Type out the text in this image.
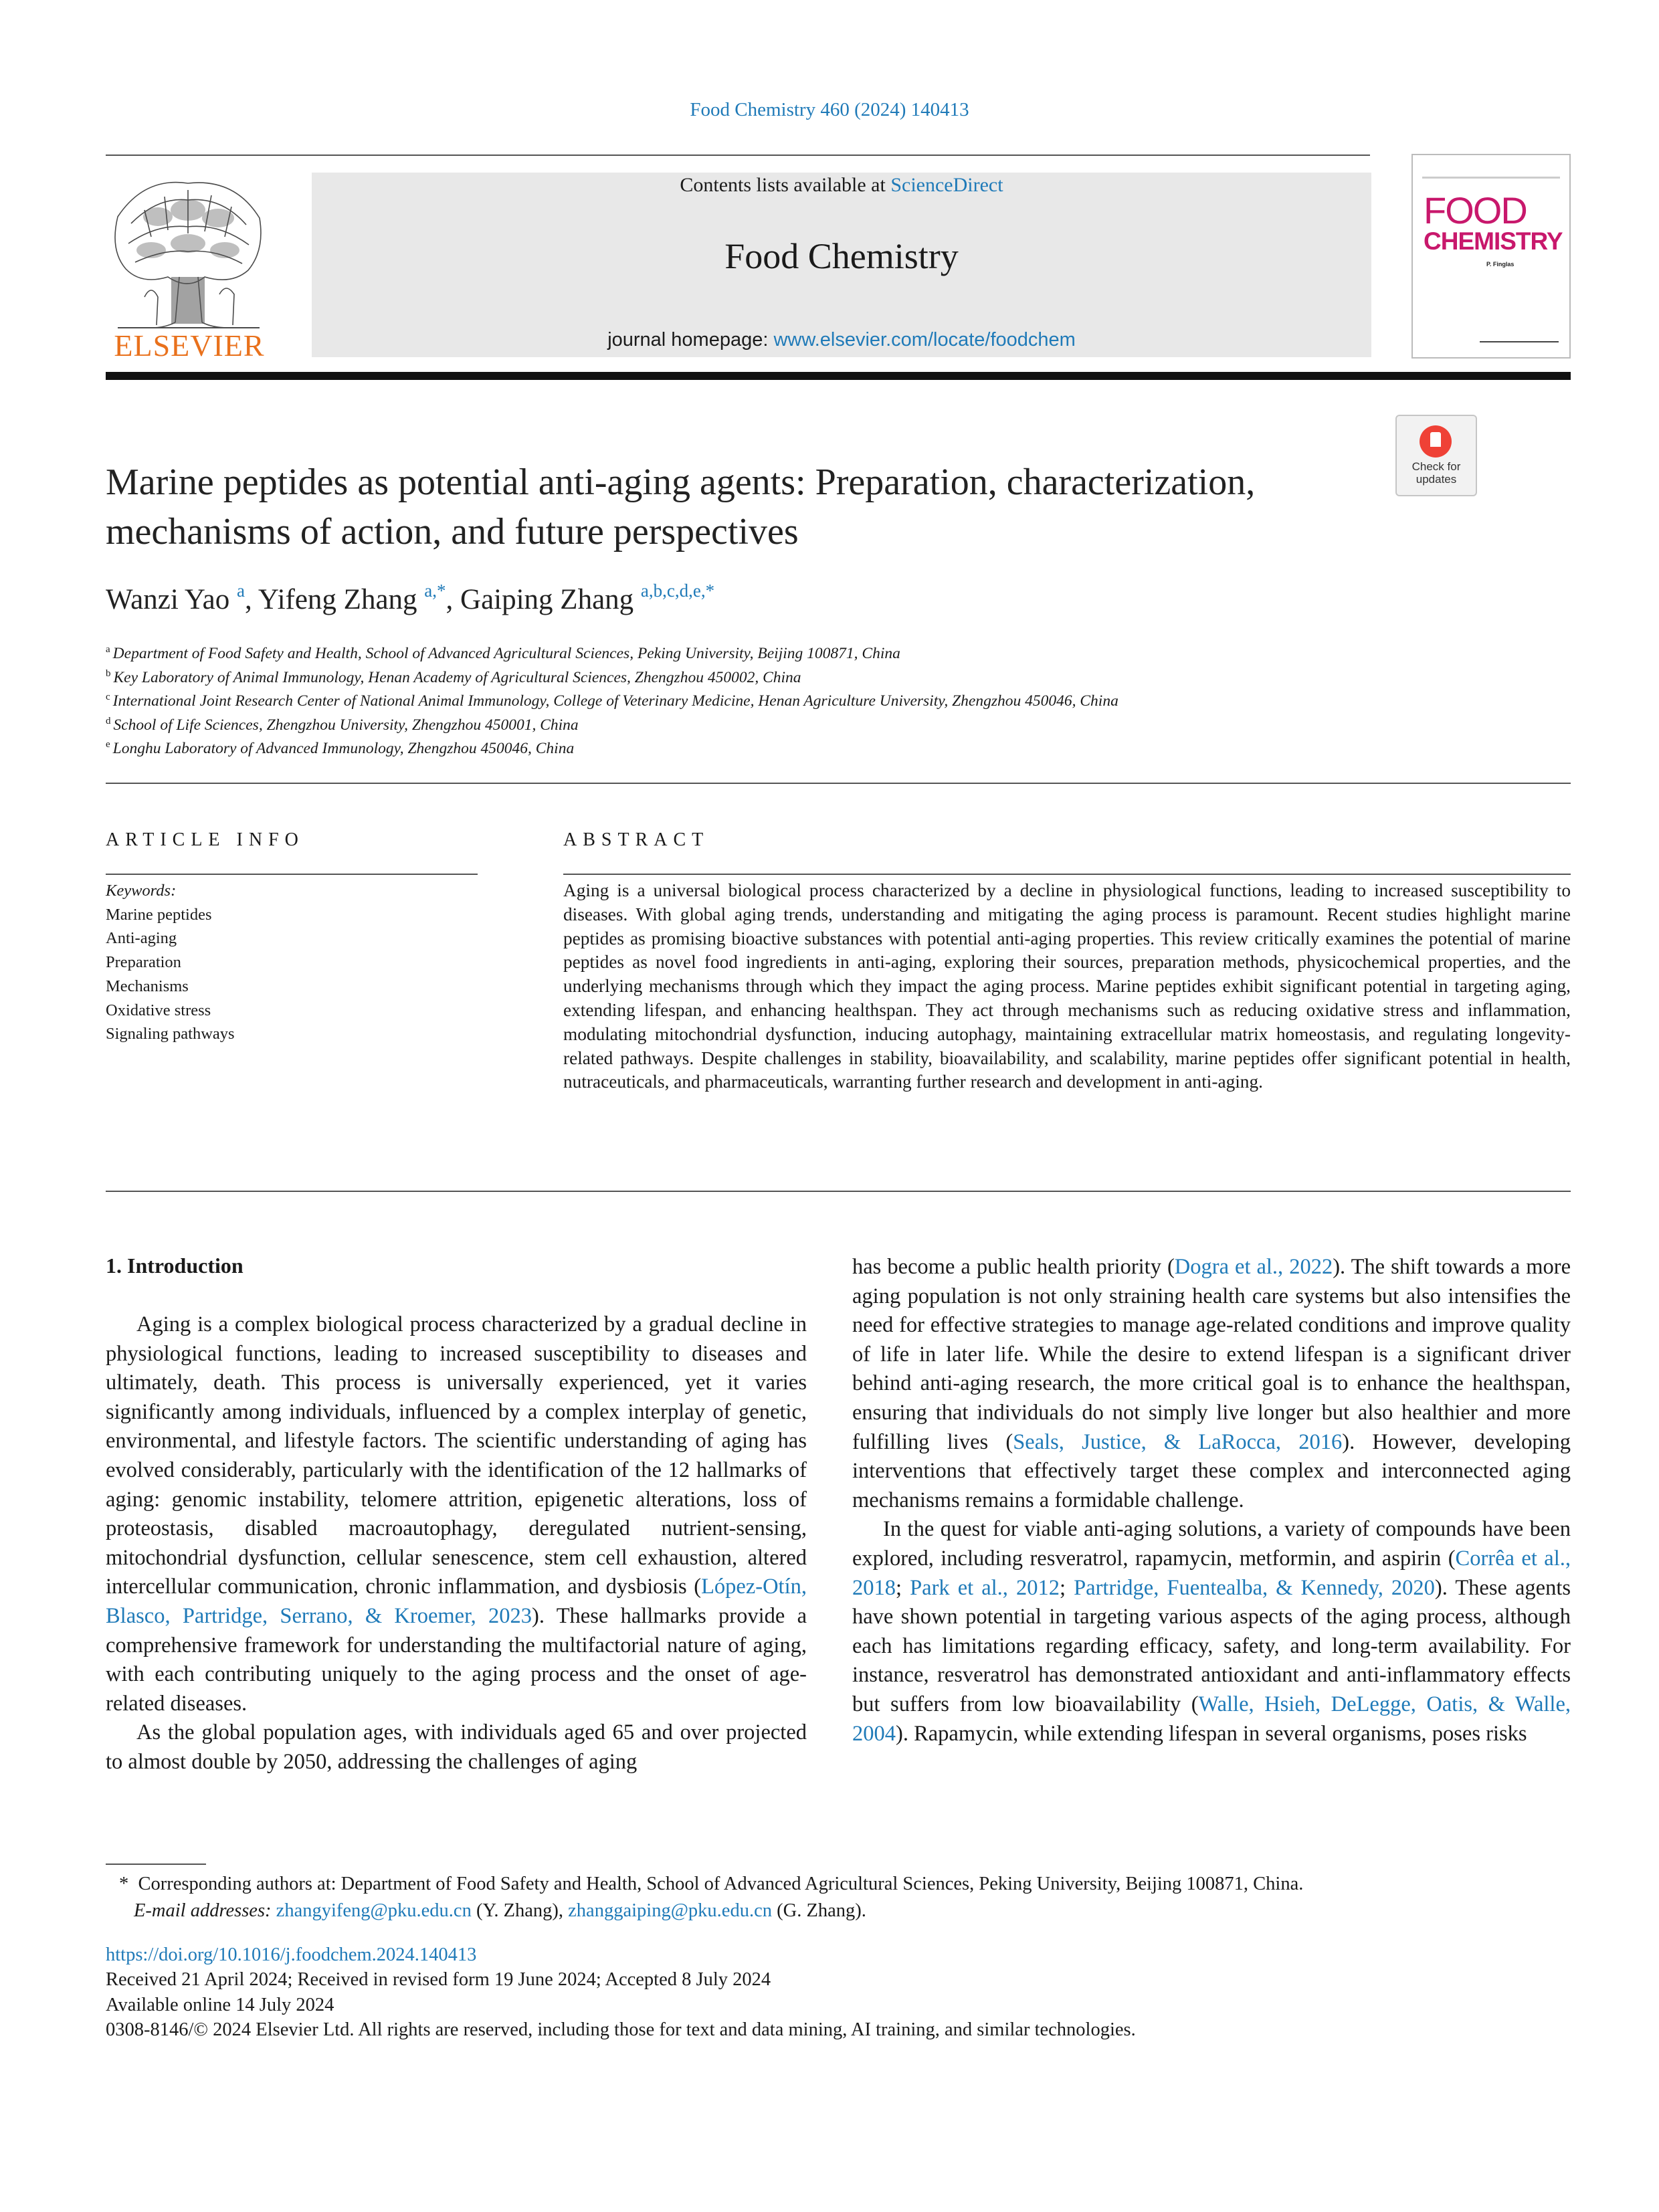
Food Chemistry 460 (2024) 140413
Contents lists available at ScienceDirect
Food Chemistry
journal homepage: www.elsevier.com/locate/foodchem
ELSEVIER
FOOD
CHEMISTRY
P. Finglas
Check for updates
Marine peptides as potential anti-aging agents: Preparation, characterization, mechanisms of action, and future perspectives
Wanzi Yao $^a$, Yifeng Zhang $^{a,*}$, Gaiping Zhang $^{a,b,c,d,e,*}$
$^a$ Department of Food Safety and Health, School of Advanced Agricultural Sciences, Peking University, Beijing 100871, China
$^b$ Key Laboratory of Animal Immunology, Henan Academy of Agricultural Sciences, Zhengzhou 450002, China
$^c$ International Joint Research Center of National Animal Immunology, College of Veterinary Medicine, Henan Agriculture University, Zhengzhou 450046, China
$^d$ School of Life Sciences, Zhengzhou University, Zhengzhou 450001, China
$^e$ Longhu Laboratory of Advanced Immunology, Zhengzhou 450046, China
ARTICLE INFO	ABSTRACT
Keywords:
Marine peptides
Anti-aging
Preparation
Mechanisms
Oxidative stress
Signaling pathways
Aging is a universal biological process characterized by a decline in physiological functions, leading to increased susceptibility to diseases. With global aging trends, understanding and mitigating the aging process is paramount. Recent studies highlight marine peptides as promising bioactive substances with potential anti-aging properties. This review critically examines the potential of marine peptides as novel food ingredients in anti-aging, exploring their sources, preparation methods, physicochemical properties, and the underlying mechanisms through which they impact the aging process. Marine peptides exhibit significant potential in targeting aging, extending lifespan, and enhancing healthspan. They act through mechanisms such as reducing oxidative stress and inflammation, modulating mitochondrial dysfunction, inducing autophagy, maintaining extracellular matrix homeostasis, and regulating longevity-related pathways. Despite challenges in stability, bioavailability, and scalability, marine peptides offer significant potential in health, nutraceuticals, and pharmaceuticals, warranting further research and development in anti-aging.
1. Introduction

Aging is a complex biological process characterized by a gradual decline in physiological functions, leading to increased susceptibility to diseases and ultimately, death. This process is universally experienced, yet it varies significantly among individuals, influenced by a complex interplay of genetic, environmental, and lifestyle factors. The scientific understanding of aging has evolved considerably, particularly with the identification of the 12 hallmarks of aging: genomic instability, telomere attrition, epigenetic alterations, loss of proteostasis, disabled macroautophagy, deregulated nutrient-sensing, mitochondrial dysfunction, cellular senescence, stem cell exhaustion, altered intercellular communication, chronic inflammation, and dysbiosis (López-Otín, Blasco, Partridge, Serrano, & Kroemer, 2023). These hallmarks provide a comprehensive framework for understanding the multifactorial nature of aging, with each contributing uniquely to the aging process and the onset of age-related diseases.

As the global population ages, with individuals aged 65 and over projected to almost double by 2050, addressing the challenges of aging

has become a public health priority (Dogra et al., 2022). The shift towards a more aging population is not only straining health care systems but also intensifies the need for effective strategies to manage age-related conditions and improve quality of life in later life. While the desire to extend lifespan is a significant driver behind anti-aging research, the more critical goal is to enhance the healthspan, ensuring that individuals do not simply live longer but also healthier and more fulfilling lives (Seals, Justice, & LaRocca, 2016). However, developing interventions that effectively target these complex and interconnected aging mechanisms remains a formidable challenge.

In the quest for viable anti-aging solutions, a variety of compounds have been explored, including resveratrol, rapamycin, metformin, and aspirin (Corrêa et al., 2018; Park et al., 2012; Partridge, Fuentealba, & Kennedy, 2020). These agents have shown potential in targeting various aspects of the aging process, although each has limitations regarding efficacy, safety, and long-term availability. For instance, resveratrol has demonstrated antioxidant and anti-inflammatory effects but suffers from low bioavailability (Walle, Hsieh, DeLegge, Oatis, & Walle, 2004). Rapamycin, while extending lifespan in several organisms, poses risks

* Corresponding authors at: Department of Food Safety and Health, School of Advanced Agricultural Sciences, Peking University, Beijing 100871, China.
E-mail addresses: zhangyifeng@pku.edu.cn (Y. Zhang), zhanggaiping@pku.edu.cn (G. Zhang).
https://doi.org/10.1016/j.foodchem.2024.140413
Received 21 April 2024; Received in revised form 19 June 2024; Accepted 8 July 2024
Available online 14 July 2024
0308-8146/© 2024 Elsevier Ltd. All rights are reserved, including those for text and data mining, AI training, and similar technologies.
